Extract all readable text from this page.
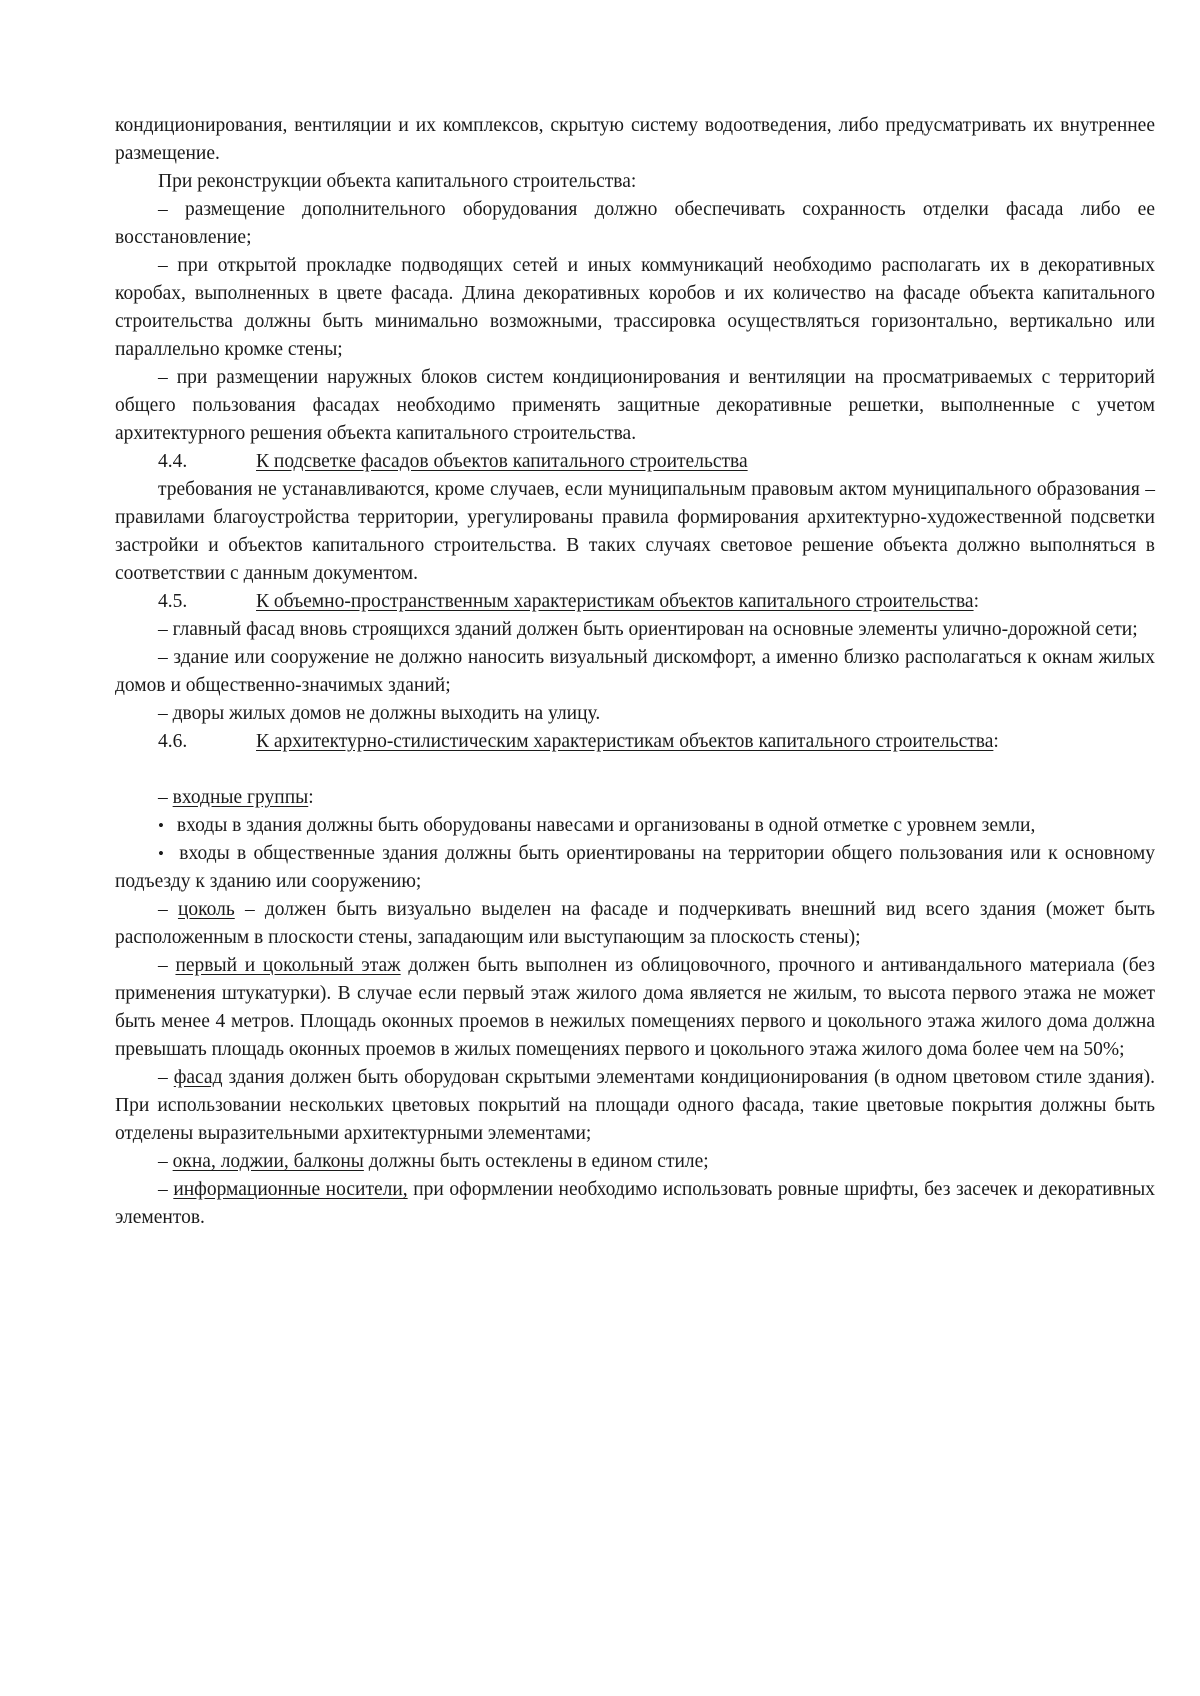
кондиционирования, вентиляции и их комплексов, скрытую систему водоотведения, либо предусматривать их внутреннее размещение.

При реконструкции объекта капитального строительства:

– размещение дополнительного оборудования должно обеспечивать сохранность отделки фасада либо ее восстановление;

– при открытой прокладке подводящих сетей и иных коммуникаций необходимо располагать их в декоративных коробах, выполненных в цвете фасада. Длина декоративных коробов и их количество на фасаде объекта капитального строительства должны быть минимально возможными, трассировка осуществляться горизонтально, вертикально или параллельно кромке стены;

– при размещении наружных блоков систем кондиционирования и вентиляции на просматриваемых с территорий общего пользования фасадах необходимо применять защитные декоративные решетки, выполненные с учетом архитектурного решения объекта капитального строительства.

4.4.	К подсветке фасадов объектов капитального строительства

требования не устанавливаются, кроме случаев, если муниципальным правовым актом муниципального образования – правилами благоустройства территории, урегулированы правила формирования архитектурно-художественной подсветки застройки и объектов капитального строительства. В таких случаях световое решение объекта должно выполняться в соответствии с данным документом.

4.5.	К объемно-пространственным характеристикам объектов капитального строительства:

– главный фасад вновь строящихся зданий должен быть ориентирован на основные элементы улично-дорожной сети;

– здание или сооружение не должно наносить визуальный дискомфорт, а именно близко располагаться к окнам жилых домов и общественно-значимых зданий;

– дворы жилых домов не должны выходить на улицу.

4.6.	К архитектурно-стилистическим характеристикам объектов капитального строительства:

– входные группы:

• входы в здания должны быть оборудованы навесами и организованы в одной отметке с уровнем земли,

• входы в общественные здания должны быть ориентированы на территории общего пользования или к основному подъезду к зданию или сооружению;

– цоколь – должен быть визуально выделен на фасаде и подчеркивать внешний вид всего здания (может быть расположенным в плоскости стены, западающим или выступающим за плоскость стены);

– первый и цокольный этаж должен быть выполнен из облицовочного, прочного и антивандального материала (без применения штукатурки). В случае если первый этаж жилого дома является не жилым, то высота первого этажа не может быть менее 4 метров. Площадь оконных проемов в нежилых помещениях первого и цокольного этажа жилого дома должна превышать площадь оконных проемов в жилых помещениях первого и цокольного этажа жилого дома более чем на 50%;

– фасад здания должен быть оборудован скрытыми элементами кондиционирования (в одном цветовом стиле здания). При использовании нескольких цветовых покрытий на площади одного фасада, такие цветовые покрытия должны быть отделены выразительными архитектурными элементами;

– окна, лоджии, балконы должны быть остеклены в едином стиле;

– информационные носители, при оформлении необходимо использовать ровные шрифты, без засечек и декоративных элементов.
